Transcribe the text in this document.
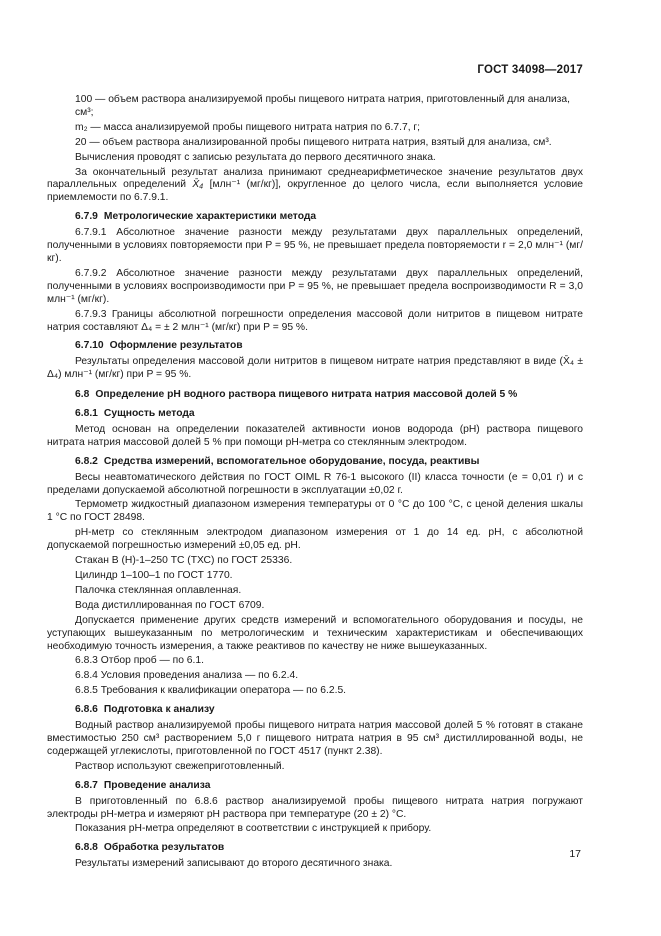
ГОСТ 34098—2017

100 — объем раствора анализируемой пробы пищевого нитрата натрия, приготовленный для анализа, см³;

m₂ — масса анализируемой пробы пищевого нитрата натрия по 6.7.7, г;

20 — объем раствора анализированной пробы пищевого нитрата натрия, взятый для анализа, см³.

Вычисления проводят с записью результата до первого десятичного знака.

За окончательный результат анализа принимают среднеарифметическое значение результатов двух параллельных определений X̄₄ [млн⁻¹ (мг/кг)], округленное до целого числа, если выполняется условие приемлемости по 6.7.9.1.

6.7.9 Метрологические характеристики метода

6.7.9.1 Абсолютное значение разности между результатами двух параллельных определений, полученными в условиях повторяемости при P = 95 %, не превышает предела повторяемости r = 2,0 млн⁻¹ (мг/кг).

6.7.9.2 Абсолютное значение разности между результатами двух параллельных определений, полученными в условиях воспроизводимости при P = 95 %, не превышает предела воспроизводимости R = 3,0 млн⁻¹ (мг/кг).

6.7.9.3 Границы абсолютной погрешности определения массовой доли нитритов в пищевом нитрате натрия составляют Δ₄ = ± 2 млн⁻¹ (мг/кг) при P = 95 %.

6.7.10 Оформление результатов

Результаты определения массовой доли нитритов в пищевом нитрате натрия представляют в виде (X̄₄ ± Δ₄) млн⁻¹ (мг/кг) при P = 95 %.

6.8 Определение pH водного раствора пищевого нитрата натрия массовой долей 5 %
6.8.1 Сущность метода

Метод основан на определении показателей активности ионов водорода (pH) раствора пищевого нитрата натрия массовой долей 5 % при помощи pH-метра со стеклянным электродом.

6.8.2 Средства измерений, вспомогательное оборудование, посуда, реактивы

Весы неавтоматического действия по ГОСТ OIML R 76-1 высокого (II) класса точности (e = 0,01 г) и с пределами допускаемой абсолютной погрешности в эксплуатации ±0,02 г.

Термометр жидкостный диапазоном измерения температуры от 0 °C до 100 °C, с ценой деления шкалы 1 °C по ГОСТ 28498.

pH-метр со стеклянным электродом диапазоном измерения от 1 до 14 ед. pH, с абсолютной допускаемой погрешностью измерений ±0,05 ед. pH.

Стакан В (Н)-1–250 ТС (ТХС) по ГОСТ 25336.

Цилиндр 1–100–1 по ГОСТ 1770.

Палочка стеклянная оплавленная.

Вода дистиллированная по ГОСТ 6709.

Допускается применение других средств измерений и вспомогательного оборудования и посуды, не уступающих вышеуказанным по метрологическим и техническим характеристикам и обеспечивающих необходимую точность измерения, а также реактивов по качеству не ниже вышеуказанных.

6.8.3 Отбор проб — по 6.1.

6.8.4 Условия проведения анализа — по 6.2.4.

6.8.5 Требования к квалификации оператора — по 6.2.5.

6.8.6 Подготовка к анализу

Водный раствор анализируемой пробы пищевого нитрата натрия массовой долей 5 % готовят в стакане вместимостью 250 см³ растворением 5,0 г пищевого нитрата натрия в 95 см³ дистиллированной воды, не содержащей углекислоты, приготовленной по ГОСТ 4517 (пункт 2.38).

Раствор используют свежеприготовленный.

6.8.7 Проведение анализа

В приготовленный по 6.8.6 раствор анализируемой пробы пищевого нитрата натрия погружают электроды pH-метра и измеряют pH раствора при температуре (20 ± 2) °C.

Показания pH-метра определяют в соответствии с инструкцией к прибору.

6.8.8 Обработка результатов

Результаты измерений записывают до второго десятичного знака.

17
